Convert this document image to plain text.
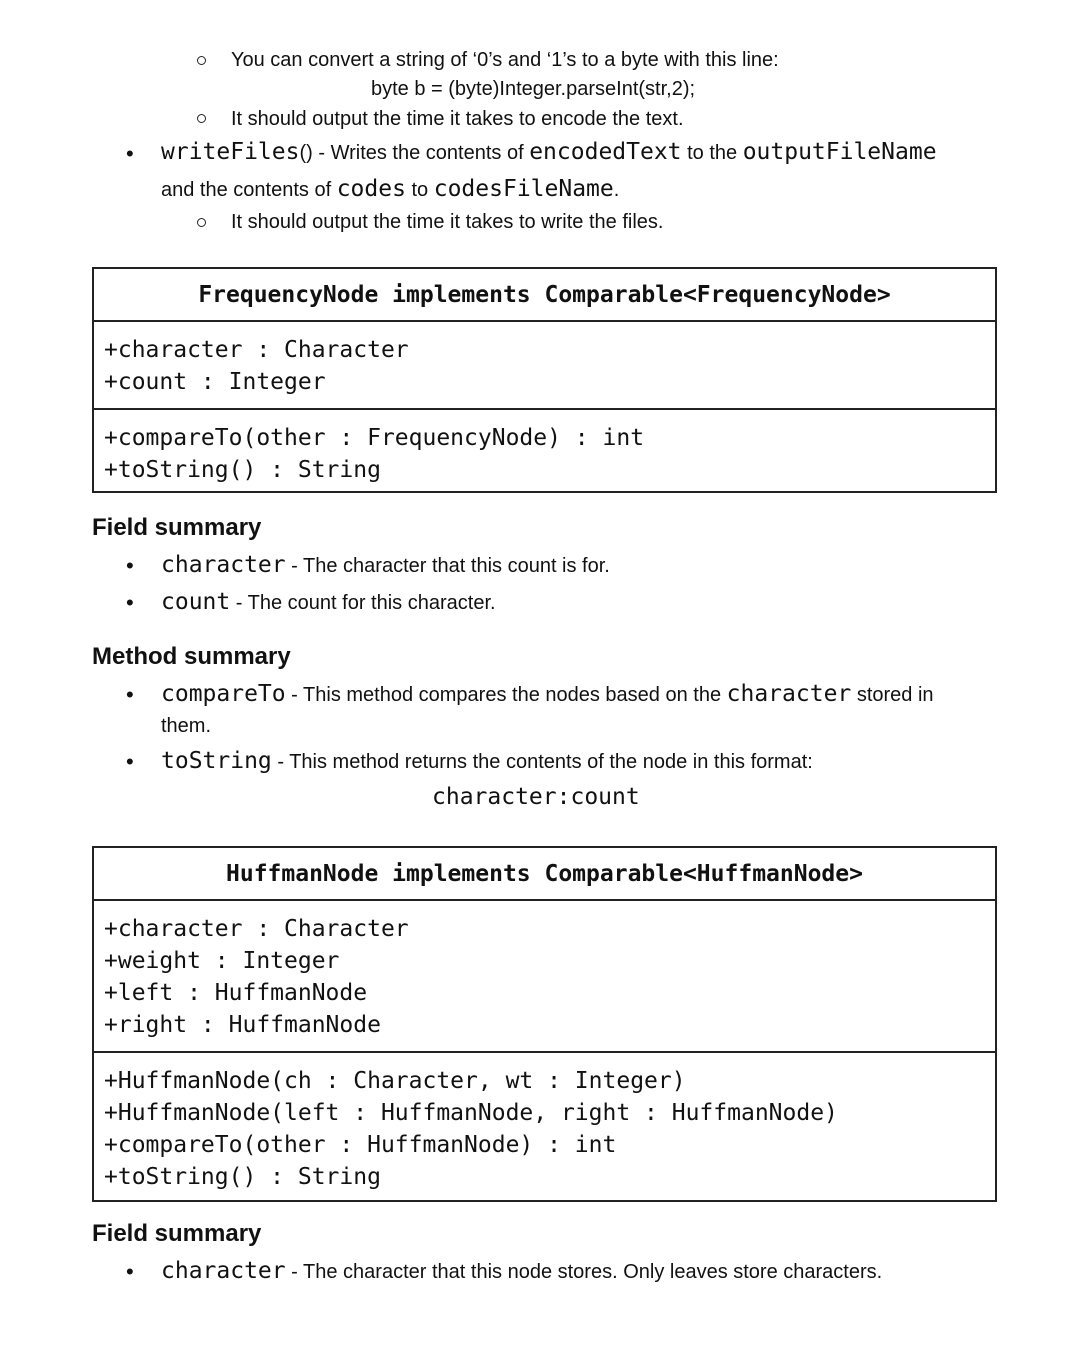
You can convert a string of ‘0’s and ‘1’s to a byte with this line:
byte b = (byte)Integer.parseInt(str,2);
It should output the time it takes to encode the text.
• writeFiles() - Writes the contents of encodedText to the outputFileName
and the contents of codes to codesFileName.
It should output the time it takes to write the files.
FrequencyNode implements Comparable<FrequencyNode>
+character : Character
+count : Integer
+compareTo(other : FrequencyNode) : int
+toString() : String
Field summary
• character - The character that this count is for.
• count - The count for this character.
Method summary
• compareTo - This method compares the nodes based on the character stored in
them.
• toString - This method returns the contents of the node in this format:
character:count
HuffmanNode implements Comparable<HuffmanNode>
+character : Character
+weight : Integer
+left : HuffmanNode
+right : HuffmanNode
+HuffmanNode(ch : Character, wt : Integer)
+HuffmanNode(left : HuffmanNode, right : HuffmanNode)
+compareTo(other : HuffmanNode) : int
+toString() : String
Field summary
• character - The character that this node stores. Only leaves store characters.
